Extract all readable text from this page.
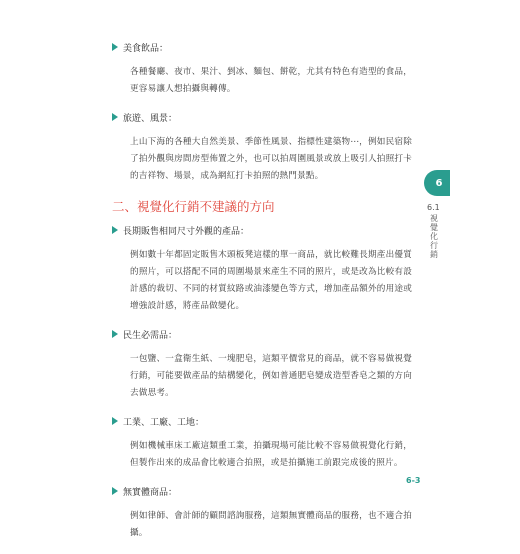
美食飲品：
各種餐廳、夜市、果汁、剉冰、麵包、餅乾，尤其有特色有造型的食品，更容易讓人想拍攝與轉傳。
旅遊、風景：
上山下海的各種大自然美景、季節性風景、指標性建築物⋯，例如民宿除了拍外觀與房間房型佈置之外，也可以拍周圍風景或放上吸引人拍照打卡的吉祥物、場景，成為網紅打卡拍照的熱門景點。
二、視覺化行銷不建議的方向
長期販售相同尺寸外觀的產品：
例如數十年都固定販售木頭板凳這樣的單一商品，就比較難長期產出優質的照片，可以搭配不同的周圍場景來產生不同的照片，或是改為比較有設計感的裁切、不同的材質紋路或油漆變色等方式，增加產品額外的用途或增強設計感，將產品做變化。
民生必需品：
一包鹽、一盒衛生紙、一塊肥皂，這類平價常見的商品，就不容易做視覺行銷，可能要做產品的結構變化，例如普通肥皂變成造型香皂之類的方向去做思考。
工業、工廠、工地：
例如機械車床工廠這類重工業，拍攝現場可能比較不容易做視覺化行銷，但製作出來的成品會比較適合拍照，或是拍攝施工前跟完成後的照片。
無實體商品：
例如律師、會計師的顧問諮詢服務，這類無實體商品的服務，也不適合拍攝。
6
6.1
視覺化行銷
6-3
